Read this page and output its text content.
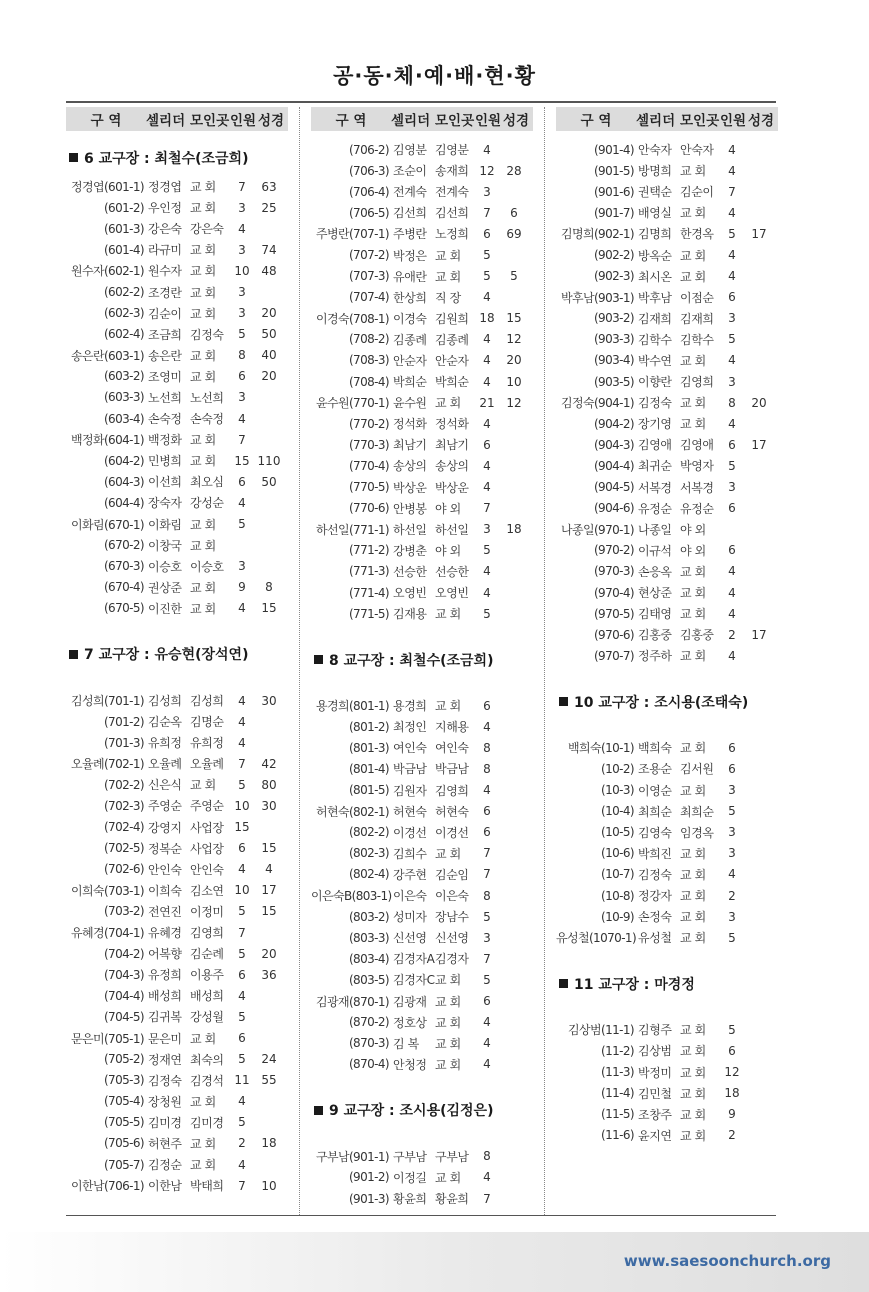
공·동·체·예·배·현·황
구 역	셀리더 모인곳 인원 성경
6 교구장 : 최철수(조금희)
정경엽(601-1) 정경엽 교 회	7	63
(601-2) 우인정 교 회	3	25
(601-3) 강은숙 강은숙	4
(601-4) 라규미 교 회	3	74
원수자(602-1) 원수자 교 회	10 48
(602-2) 조경란 교 회	3
(602-3) 김순이 교 회	3	20
(602-4) 조금희 김정숙	5	50
송은란(603-1) 송은란 교 회	8	40
(603-2) 조영미 교 회	6	20
(603-3) 노선희 노선희	3
(603-4) 손숙정 손숙정	4
백정화(604-1) 백정화 교 회	7
(604-2) 민병희 교 회	15 110
(604-3) 이선희 최오심	6	50
(604-4) 장숙자 강성순	4
이화림(670-1) 이화림 교 회	5
(670-2) 이창국 교 회
(670-3) 이승호 이승호	3
(670-4) 권상준 교 회	9	8
(670-5) 이진한 교 회	4	15
7 교구장 : 유승현(장석연)
김성희(701-1) 김성희 김성희	4	30
(701-2) 김순옥 김명순	4
(701-3) 유희정 유희정	4
오율례(702-1) 오율례 오율례	7	42
(702-2) 신은식 교 회	5	80
(702-3) 주영순 주영순 10 30
(702-4) 강영지 사업장 15
(702-5) 정복순 사업장	6	15
(702-6) 안인숙 안인숙	4	4
이희숙(703-1) 이희숙 김소연 10 17
(703-2) 전연진 이정미	5	15
유혜경(704-1) 유혜경 김영희	7
(704-2) 어복향 김순례	5	20
(704-3) 유정희 이용주	6	36
(704-4) 배성희 배성희	4
(704-5) 김귀복 강성월	5
문은미(705-1) 문은미 교 회	6
(705-2) 정재연 최숙의	5	24
(705-3) 김정숙 김경석 11 55
(705-4) 장청원 교 회	4
(705-5) 김미경 김미경	5
(705-6) 허현주 교 회	2	18
(705-7) 김정순 교 회	4
이한남(706-1) 이한남 박태희	7	10
구 역	셀리더 모인곳 인원 성경
(706-2) 김영분 김영분	4
(706-3) 조순이 송재희 12 28
(706-4) 전계숙 전계숙	3
(706-5) 김선희 김선희	7	6
주병란(707-1) 주병란 노정희	6	69
(707-2) 박정은 교 회	5
(707-3) 유애란 교 회	5	5
(707-4) 한상희 직 장	4
이경숙(708-1) 이경숙 김원희 18 15
(708-2) 김종례 김종례	4	12
(708-3) 안순자 안순자	4	20
(708-4) 박희순 박희순	4	10
윤수원(770-1) 윤수원 교 회	21 12
(770-2) 정석화 정석화	4
(770-3) 최남기 최남기	6
(770-4) 송상의 송상의	4
(770-5) 박상운 박상운	4
(770-6) 안병봉 야 외	7
하선일(771-1) 하선일 하선일	3	18
(771-2) 강병춘 야 외	5
(771-3) 선승한 선승한	4
(771-4) 오영빈 오영빈	4
(771-5) 김재용 교 회	5
8 교구장 : 최철수(조금희)
용경희(801-1) 용경희 교 회	6
(801-2) 최정인 지해용	4
(801-3) 여인숙 여인숙	8
(801-4) 박금남 박금남	8
(801-5) 김원자 김영희	4
허현숙(802-1) 허현숙 허현숙	6
(802-2) 이경선 이경선	6
(802-3) 김희수 교 회	7
(802-4) 강주현 김순임	7
이은숙B(803-1) 이은숙 이은숙	8
(803-2) 성미자 장남수	5
(803-3) 신선영 신선영	3
(803-4) 김경자A 김경자	7
(803-5) 김경자C 교 회	5
김광재(870-1) 김광재 교 회	6
(870-2) 정호상 교 회	4
(870-3) 김 복	교 회	4
(870-4) 안청정 교 회	4
9 교구장 : 조시용(김정은)
구부남(901-1) 구부남 구부남	8
(901-2) 이정길 교 회	4
(901-3) 황윤희 황윤희	7
구 역	셀리더 모인곳 인원 성경
(901-4) 안숙자 안숙자	4
(901-5) 방명희 교 회	4
(901-6) 권택순 김순이	7
(901-7) 배영실 교 회	4
김명희(902-1) 김명희 한경옥	5	17
(902-2) 방옥순 교 회	4
(902-3) 최시온 교 회	4
박후남(903-1) 박후남 이점순	6
(903-2) 김재희 김재희	3
(903-3) 김학수 김학수	5
(903-4) 박수연 교 회	4
(903-5) 이향란 김영희	3
김정숙(904-1) 김정숙 교 회	8	20
(904-2) 장기영 교 회	4
(904-3) 김영애 김영애	6	17
(904-4) 최귀순 박영자	5
(904-5) 서복경 서복경	3
(904-6) 유정순 유정순	6
나종일(970-1) 나종일 야 외
(970-2) 이규석 야 외	6
(970-3) 손응옥 교 회	4
(970-4) 현상준 교 회	4
(970-5) 김태영 교 회	4
(970-6) 김홍중 김홍중	2	17
(970-7) 정주하 교 회	4
10 교구장 : 조시용(조태숙)
백희숙(10-1) 백희숙 교 회	6
(10-2) 조용순 김서원	6
(10-3) 이영순 교 회	3
(10-4) 최희순 최희순	5
(10-5) 김영숙 임경옥	3
(10-6) 박희진 교 회	3
(10-7) 김정숙 교 회	4
(10-8) 정강자 교 회	2
(10-9) 손정숙 교 회	3
유성철(1070-1) 유성철 교 회	5
11 교구장 : 마경정
김상범(11-1) 김형주 교 회	5
(11-2) 김상범 교 회	6
(11-3) 박정미 교 회	12
(11-4) 김민철 교 회	18
(11-5) 조창주 교 회	9
(11-6) 윤지연 교 회	2
www.saesoonchurch.org
